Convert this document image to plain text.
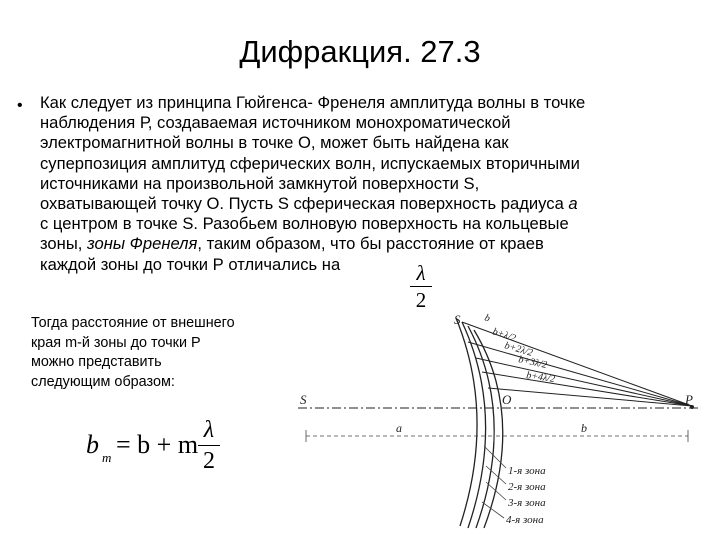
Дифракция. 27.3
• Как следует из принципа Гюйгенса- Френеля амплитуда волны в точке
наблюдения Р, создаваемая источником монохроматической
электромагнитной волны в точке О, может быть найдена как
суперпозиция амплитуд сферических волн, испускаемых вторичными
источниками на произвольной замкнутой поверхности S,
охватывающей точку О. Пусть S сферическая поверхность радиуса a
с центром в точке S. Разобьем волновую поверхность на кольцевые
зоны, зоны Френеля, таким образом, что бы расстояние от краев
каждой зоны до точки Р отличались на	λ
2
Тогда расстояние от внешнего
края m-й зоны до точки Р
можно представить
следующим образом:
b m = b + m λ
2
S
S
O	P
a	b
b
b+λ/2
b+2λ/2
b+3λ/2
b+4λ/2
1-я зона
2-я зона
3-я зона
4-я зона
